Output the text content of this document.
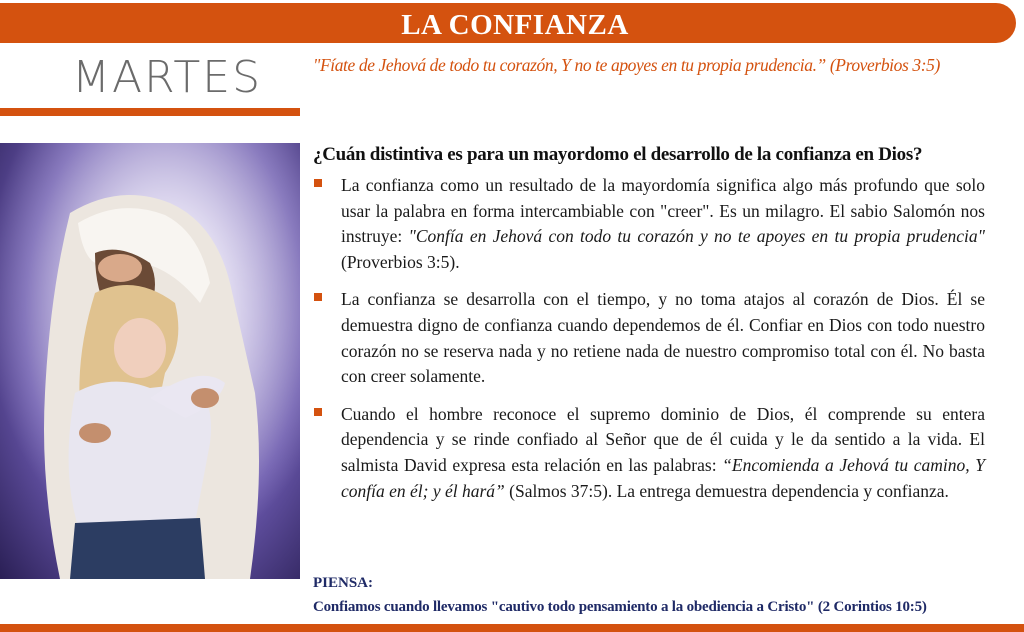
LA CONFIANZA
MARTES	"Fíate de Jehová de todo tu corazón, Y no te apoyes en tu propia prudencia.” (Proverbios 3:5)
¿Cuán distintiva es para un mayordomo el desarrollo de la confianza en Dios?
La confianza como un resultado de la mayordomía significa algo más profundo que solo usar la palabra en forma intercambiable con "creer". Es un milagro. El sabio Salomón nos instruye: "Confía en Jehová con todo tu corazón y no te apoyes en tu propia prudencia" (Proverbios 3:5).
La confianza se desarrolla con el tiempo, y no toma atajos al corazón de Dios. Él se demuestra digno de confianza cuando dependemos de él. Confiar en Dios con todo nuestro corazón no se reserva nada y no retiene nada de nuestro compromiso total con él. No basta con creer solamente.
Cuando el hombre reconoce el supremo dominio de Dios, él comprende su entera dependencia y se rinde confiado al Señor que de él cuida y le da sentido a la vida. El salmista David expresa esta relación en las palabras: “Encomienda a Jehová tu camino, Y confía en él; y él hará” (Salmos 37:5). La entrega demuestra dependencia y confianza.
PIENSA:
Confiamos cuando llevamos "cautivo todo pensamiento a la obediencia a Cristo" (2 Corintios 10:5)
